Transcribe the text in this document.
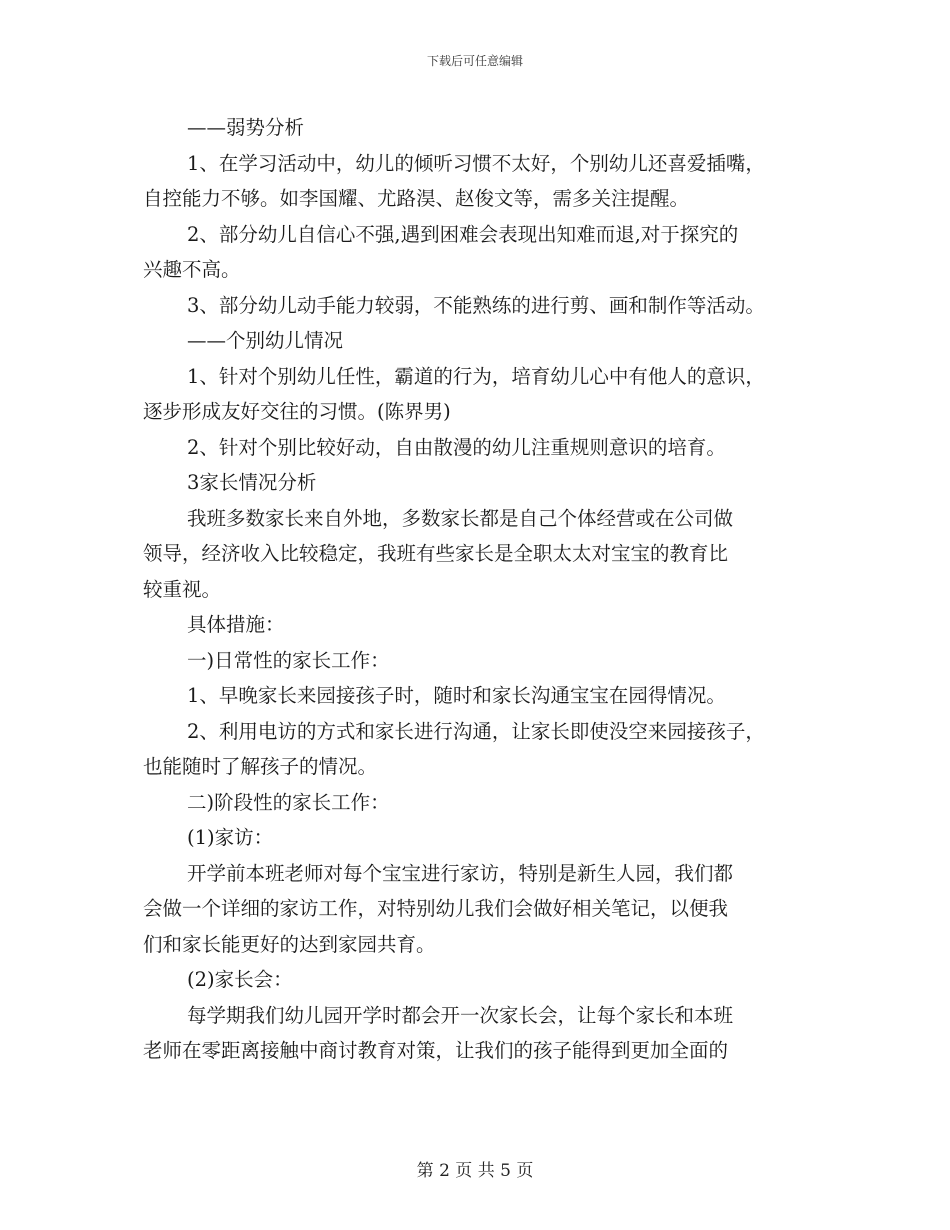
下载后可任意编辑

——弱势分析

1、在学习活动中，幼儿的倾听习惯不太好，个别幼儿还喜爱插嘴，

自控能力不够。如李国耀、尤路淏、赵俊文等，需多关注提醒。

2、部分幼儿自信心不强,遇到困难会表现出知难而退,对于探究的

兴趣不高。

3、部分幼儿动手能力较弱，不能熟练的进行剪、画和制作等活动。

——个别幼儿情况

1、针对个别幼儿任性，霸道的行为，培育幼儿心中有他人的意识，

逐步形成友好交往的习惯。(陈界男)

2、针对个别比较好动，自由散漫的幼儿注重规则意识的培育。

3家长情况分析

我班多数家长来自外地，多数家长都是自己个体经营或在公司做

领导，经济收入比较稳定，我班有些家长是全职太太对宝宝的教育比

较重视。

具体措施：

一)日常性的家长工作：

1、早晚家长来园接孩子时，随时和家长沟通宝宝在园得情况。

2、利用电访的方式和家长进行沟通，让家长即使没空来园接孩子，

也能随时了解孩子的情况。

二)阶段性的家长工作：

(1)家访：

开学前本班老师对每个宝宝进行家访，特别是新生人园，我们都

会做一个详细的家访工作，对特别幼儿我们会做好相关笔记，以便我

们和家长能更好的达到家园共育。

(2)家长会：

每学期我们幼儿园开学时都会开一次家长会，让每个家长和本班

老师在零距离接触中商讨教育对策，让我们的孩子能得到更加全面的

第 2 页 共 5 页
